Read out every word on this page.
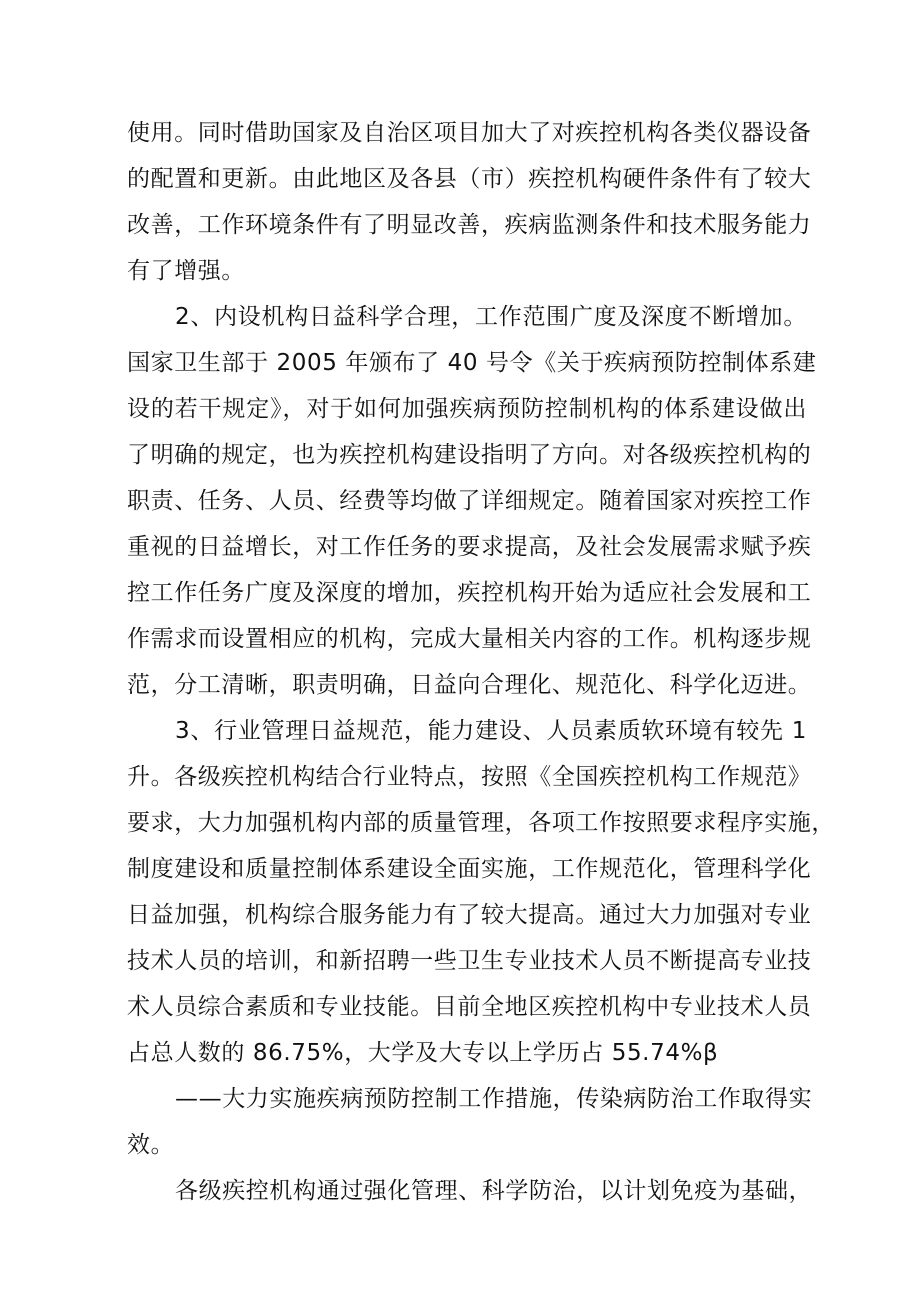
使用。同时借助国家及自治区项目加大了对疾控机构各类仪器设备
的配置和更新。由此地区及各县（市）疾控机构硬件条件有了较大
改善，工作环境条件有了明显改善，疾病监测条件和技术服务能力
有了增强。
2、内设机构日益科学合理，工作范围广度及深度不断增加。
国家卫生部于 2005 年颁布了 40 号令《关于疾病预防控制体系建
设的若干规定》，对于如何加强疾病预防控制机构的体系建设做出
了明确的规定，也为疾控机构建设指明了方向。对各级疾控机构的
职责、任务、人员、经费等均做了详细规定。随着国家对疾控工作
重视的日益增长，对工作任务的要求提高，及社会发展需求赋予疾
控工作任务广度及深度的增加，疾控机构开始为适应社会发展和工
作需求而设置相应的机构，完成大量相关内容的工作。机构逐步规
范，分工清晰，职责明确，日益向合理化、规范化、科学化迈进。
3、行业管理日益规范，能力建设、人员素质软环境有较先 1
升。各级疾控机构结合行业特点，按照《全国疾控机构工作规范》
要求，大力加强机构内部的质量管理，各项工作按照要求程序实施，
制度建设和质量控制体系建设全面实施，工作规范化，管理科学化
日益加强，机构综合服务能力有了较大提高。通过大力加强对专业
技术人员的培训，和新招聘一些卫生专业技术人员不断提高专业技
术人员综合素质和专业技能。目前全地区疾控机构中专业技术人员
占总人数的 86.75%，大学及大专以上学历占 55.74%β
——大力实施疾病预防控制工作措施，传染病防治工作取得实
效。
各级疾控机构通过强化管理、科学防治，以计划免疫为基础，
